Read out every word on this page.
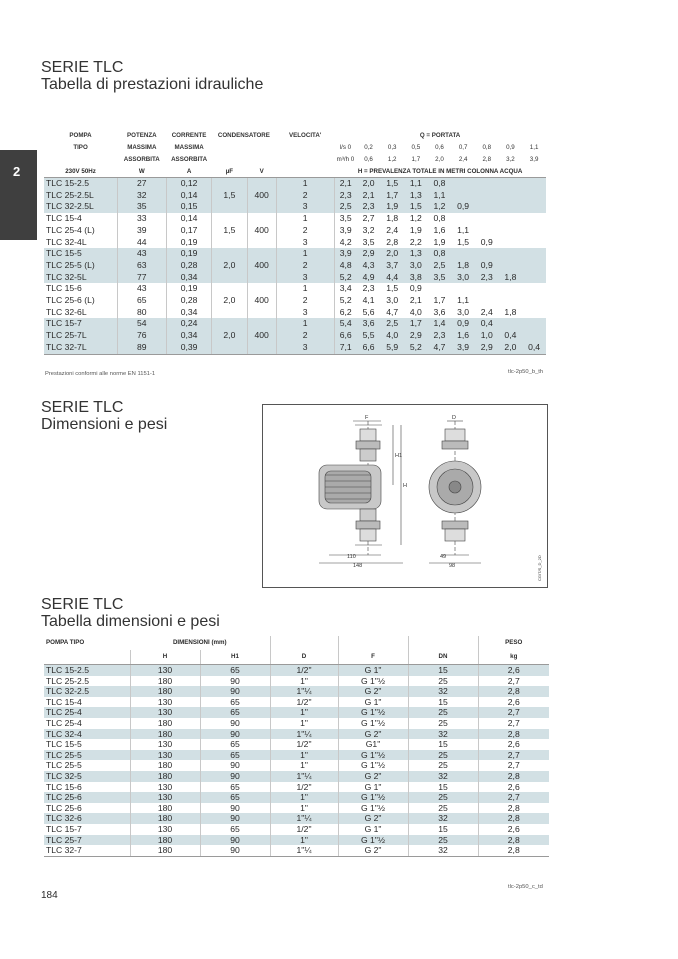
SERIE TLC
Tabella di prestazioni idrauliche
2
POMPA	POTENZA	CORRENTE	CONDENSATORE		VELOCITA'	Q = PORTATA								
TIPO	MASSIMA	MASSIMA				l/s 0	0,2	0,3	0,5	0,6	0,7	0,8	0,9	1,1
	ASSORBITA	ASSORBITA				m³/h 0	0,6	1,2	1,7	2,0	2,4	2,8	3,2	3,9
230V 50Hz	W	A	µF	V		H = PREVALENZA TOTALE IN METRI COLONNA ACQUA								
TLC 15-2.5	27	0,12			1	2,1	2,0	1,5	1,1	0,8				
TLC 25-2.5L	32	0,14	1,5	400	2	2,3	2,1	1,7	1,3	1,1				
TLC 32-2.5L	35	0,15			3	2,5	2,3	1,9	1,5	1,2	0,9			
TLC 15-4	33	0,14			1	3,5	2,7	1,8	1,2	0,8				
TLC 25-4 (L)	39	0,17	1,5	400	2	3,9	3,2	2,4	1,9	1,6	1,1			
TLC 32-4L	44	0,19			3	4,2	3,5	2,8	2,2	1,9	1,5	0,9		
TLC 15-5	43	0,19			1	3,9	2,9	2,0	1,3	0,8				
TLC 25-5 (L)	63	0,28	2,0	400	2	4,8	4,3	3,7	3,0	2,5	1,8	0,9		
TLC 32-5L	77	0,34			3	5,2	4,9	4,4	3,8	3,5	3,0	2,3	1,8	
TLC 15-6	43	0,19			1	3,4	2,3	1,5	0,9					
TLC 25-6 (L)	65	0,28	2,0	400	2	5,2	4,1	3,0	2,1	1,7	1,1			
TLC 32-6L	80	0,34			3	6,2	5,6	4,7	4,0	3,6	3,0	2,4	1,8	
TLC 15-7	54	0,24			1	5,4	3,6	2,5	1,7	1,4	0,9	0,4		
TLC 25-7L	76	0,34	2,0	400	2	6,6	5,5	4,0	2,9	2,3	1,6	1,0	0,4	
TLC 32-7L	89	0,39			3	7,1	6,6	5,9	5,2	4,7	3,9	2,9	2,0	0,4
Prestazioni conformi alle norme EN 1151-1	tlc-2p50_b_th
SERIE TLC
Dimensioni e pesi	F	D
H1
H
110
148
49
98	CGIT/S_D_2D
SERIE TLC
Tabella dimensioni e pesi
POMPA TIPO	DIMENSIONI (mm)					PESO
	H	H1	D	F	DN	kg
TLC 15-2.5	130	65	1/2"	G 1"	15	2,6
TLC 25-2.5	180	90	1"	G 1"½	25	2,7
TLC 32-2.5	180	90	1"¼	G 2"	32	2,8
TLC 15-4	130	65	1/2"	G 1"	15	2,6
TLC 25-4	130	65	1"	G 1"½	25	2,7
TLC 25-4	180	90	1"	G 1"½	25	2,7
TLC 32-4	180	90	1"¼	G 2"	32	2,8
TLC 15-5	130	65	1/2"	G1"	15	2,6
TLC 25-5	130	65	1"	G 1"½	25	2,7
TLC 25-5	180	90	1"	G 1"½	25	2,7
TLC 32-5	180	90	1"¼	G 2"	32	2,8
TLC 15-6	130	65	1/2"	G 1"	15	2,6
TLC 25-6	130	65	1"	G 1"½	25	2,7
TLC 25-6	180	90	1"	G 1"½	25	2,8
TLC 32-6	180	90	1"¼	G 2"	32	2,8
TLC 15-7	130	65	1/2"	G 1"	15	2,6
TLC 25-7	180	90	1"	G 1"½	25	2,8
TLC 32-7	180	90	1"¼	G 2"	32	2,8
tlc-2p50_c_td
184
